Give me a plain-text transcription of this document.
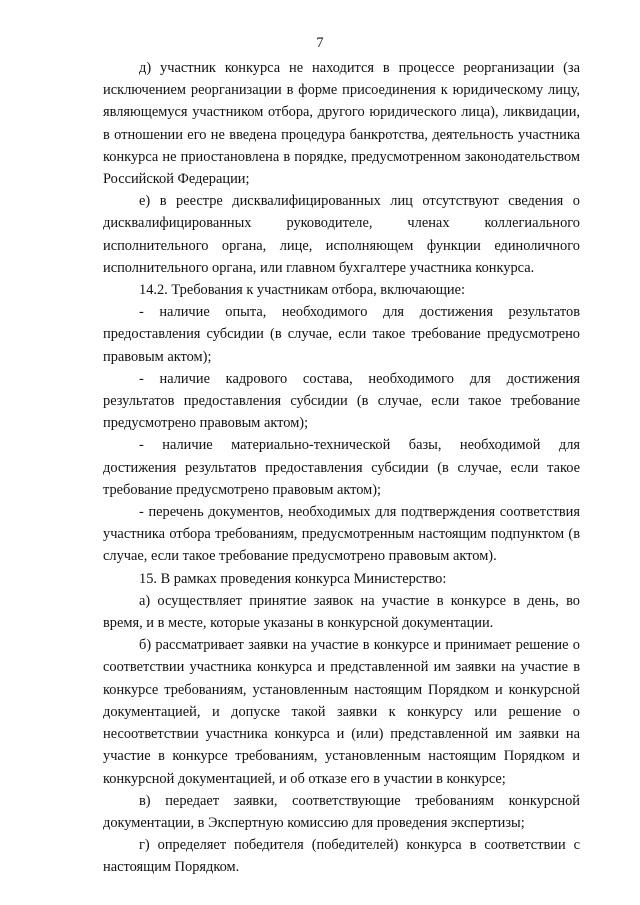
7

д) участник конкурса не находится в процессе реорганизации (за исключением реорганизации в форме присоединения к юридическому лицу, являющемуся участником отбора, другого юридического лица), ликвидации, в отношении его не введена процедура банкротства, деятельность участника конкурса не приостановлена в порядке, предусмотренном законодательством Российской Федерации;

е) в реестре дисквалифицированных лиц отсутствуют сведения о дисквалифицированных руководителе, членах коллегиального исполнительного органа, лице, исполняющем функции единоличного исполнительного органа, или главном бухгалтере участника конкурса.

14.2. Требования к участникам отбора, включающие:

- наличие опыта, необходимого для достижения результатов предоставления субсидии (в случае, если такое требование предусмотрено правовым актом);

- наличие кадрового состава, необходимого для достижения результатов предоставления субсидии (в случае, если такое требование предусмотрено правовым актом);

- наличие материально-технической базы, необходимой для достижения результатов предоставления субсидии (в случае, если такое требование предусмотрено правовым актом);

- перечень документов, необходимых для подтверждения соответствия участника отбора требованиям, предусмотренным настоящим подпунктом (в случае, если такое требование предусмотрено правовым актом).

15. В рамках проведения конкурса Министерство:

а) осуществляет принятие заявок на участие в конкурсе в день, во время, и в месте, которые указаны в конкурсной документации.

б) рассматривает заявки на участие в конкурсе и принимает решение о соответствии участника конкурса и представленной им заявки на участие в конкурсе требованиям, установленным настоящим Порядком и конкурсной документацией, и допуске такой заявки к конкурсу или решение о несоответствии участника конкурса и (или) представленной им заявки на участие в конкурсе требованиям, установленным настоящим Порядком и конкурсной документацией, и об отказе его в участии в конкурсе;

в) передает заявки, соответствующие требованиям конкурсной документации, в Экспертную комиссию для проведения экспертизы;

г) определяет победителя (победителей) конкурса в соответствии с настоящим Порядком.
